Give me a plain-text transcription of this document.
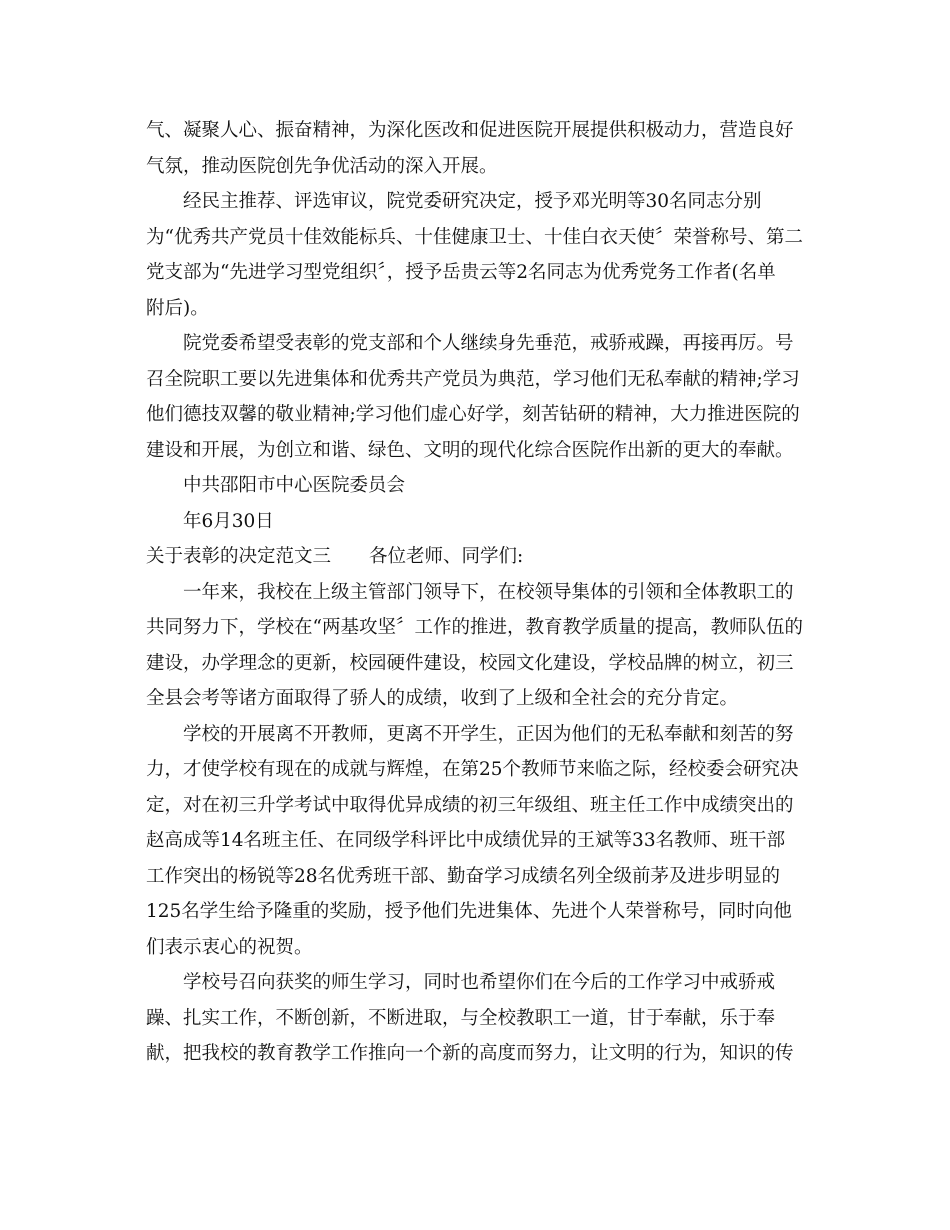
气、凝聚人心、振奋精神，为深化医改和促进医院开展提供积极动力，营造良好
气氛，推动医院创先争优活动的深入开展。
经民主推荐、评选审议，院党委研究决定，授予邓光明等30名同志分别
为“优秀共产党员十佳效能标兵、十佳健康卫士、十佳白衣天使〞荣誉称号、第二
党支部为“先进学习型党组织〞，授予岳贵云等2名同志为优秀党务工作者(名单
附后)。
院党委希望受表彰的党支部和个人继续身先垂范，戒骄戒躁，再接再厉。号
召全院职工要以先进集体和优秀共产党员为典范，学习他们无私奉献的精神;学习
他们德技双馨的敬业精神;学习他们虚心好学，刻苦钻研的精神，大力推进医院的
建设和开展，为创立和谐、绿色、文明的现代化综合医院作出新的更大的奉献。
中共邵阳市中心医院委员会
年6月30日
关于表彰的决定范文三 各位老师、同学们:
一年来，我校在上级主管部门领导下，在校领导集体的引领和全体教职工的
共同努力下，学校在“两基攻坚〞工作的推进，教育教学质量的提高，教师队伍的
建设，办学理念的更新，校园硬件建设，校园文化建设，学校品牌的树立，初三
全县会考等诸方面取得了骄人的成绩，收到了上级和全社会的充分肯定。
学校的开展离不开教师，更离不开学生，正因为他们的无私奉献和刻苦的努
力，才使学校有现在的成就与辉煌，在第25个教师节来临之际，经校委会研究决
定，对在初三升学考试中取得优异成绩的初三年级组、班主任工作中成绩突出的
赵高成等14名班主任、在同级学科评比中成绩优异的王斌等33名教师、班干部
工作突出的杨锐等28名优秀班干部、勤奋学习成绩名列全级前茅及进步明显的
125名学生给予隆重的奖励，授予他们先进集体、先进个人荣誉称号，同时向他
们表示衷心的祝贺。
学校号召向获奖的师生学习，同时也希望你们在今后的工作学习中戒骄戒
躁、扎实工作，不断创新，不断进取，与全校教职工一道，甘于奉献，乐于奉
献，把我校的教育教学工作推向一个新的高度而努力，让文明的行为，知识的传
